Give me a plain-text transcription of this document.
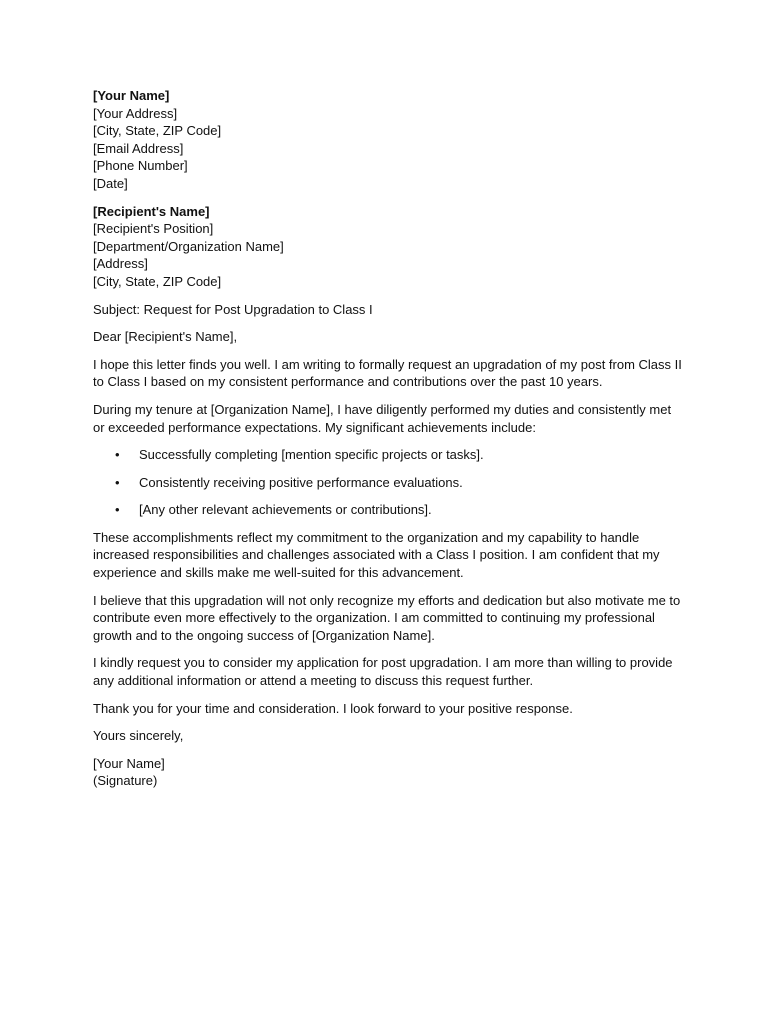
[Your Name]
[Your Address]
[City, State, ZIP Code]
[Email Address]
[Phone Number]
[Date]
[Recipient's Name]
[Recipient's Position]
[Department/Organization Name]
[Address]
[City, State, ZIP Code]

Subject: Request for Post Upgradation to Class I

Dear [Recipient's Name],

I hope this letter finds you well. I am writing to formally request an upgradation of my post from Class II to Class I based on my consistent performance and contributions over the past 10 years.

During my tenure at [Organization Name], I have diligently performed my duties and consistently met or exceeded performance expectations. My significant achievements include:

• Successfully completing [mention specific projects or tasks].
• Consistently receiving positive performance evaluations.
• [Any other relevant achievements or contributions].

These accomplishments reflect my commitment to the organization and my capability to handle increased responsibilities and challenges associated with a Class I position. I am confident that my experience and skills make me well-suited for this advancement.

I believe that this upgradation will not only recognize my efforts and dedication but also motivate me to contribute even more effectively to the organization. I am committed to continuing my professional growth and to the ongoing success of [Organization Name].

I kindly request you to consider my application for post upgradation. I am more than willing to provide any additional information or attend a meeting to discuss this request further.

Thank you for your time and consideration. I look forward to your positive response.

Yours sincerely,

[Your Name]
(Signature)
